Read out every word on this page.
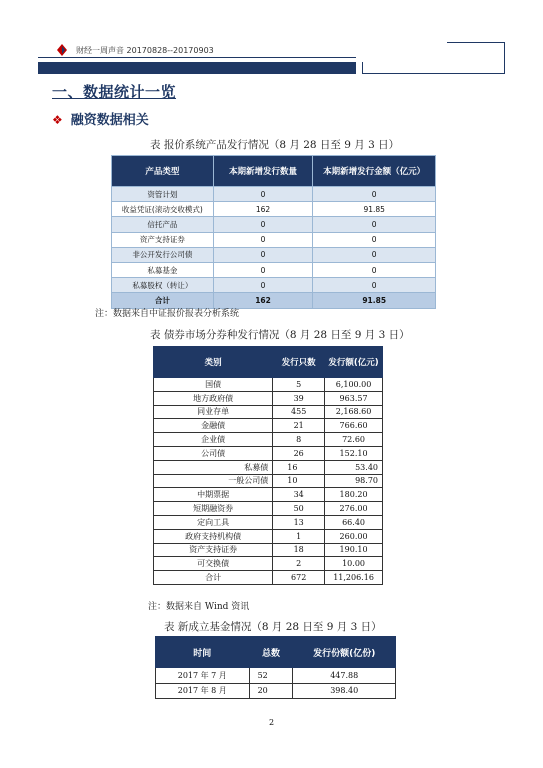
财经一周声音 20170828--20170903
一、数据统计一览
❖ 融资数据相关
表 报价系统产品发行情况（8 月 28 日至 9 月 3 日）
产品类型	本期新增发行数量	本期新增发行金额（亿元）
资管计划	0	0
收益凭证(滚动交收模式)	162	91.85
信托产品	0	0
资产支持证券	0	0
非公开发行公司债	0	0
私募基金	0	0
私募股权（转让）	0	0
合计	162	91.85
注：数据来自中证报价报表分析系统
表 债券市场分券种发行情况（8 月 28 日至 9 月 3 日）
类别	发行只数	发行额(亿元)
国债	5	6,100.00
地方政府债	39	963.57
同业存单	455	2,168.60
金融债	21	766.60
企业债	8	72.60
公司债	26	152.10
私募债	16	53.40
一般公司债	10	98.70
中期票据	34	180.20
短期融资券	50	276.00
定向工具	13	66.40
政府支持机构债	1	260.00
资产支持证券	18	190.10
可交换债	2	10.00
合计	672	11,206.16
注：数据来自 Wind 资讯
表 新成立基金情况（8 月 28 日至 9 月 3 日）
时间	总数	发行份额(亿份)
2017 年 7 月	52	447.88
2017 年 8 月	20	398.40
2
